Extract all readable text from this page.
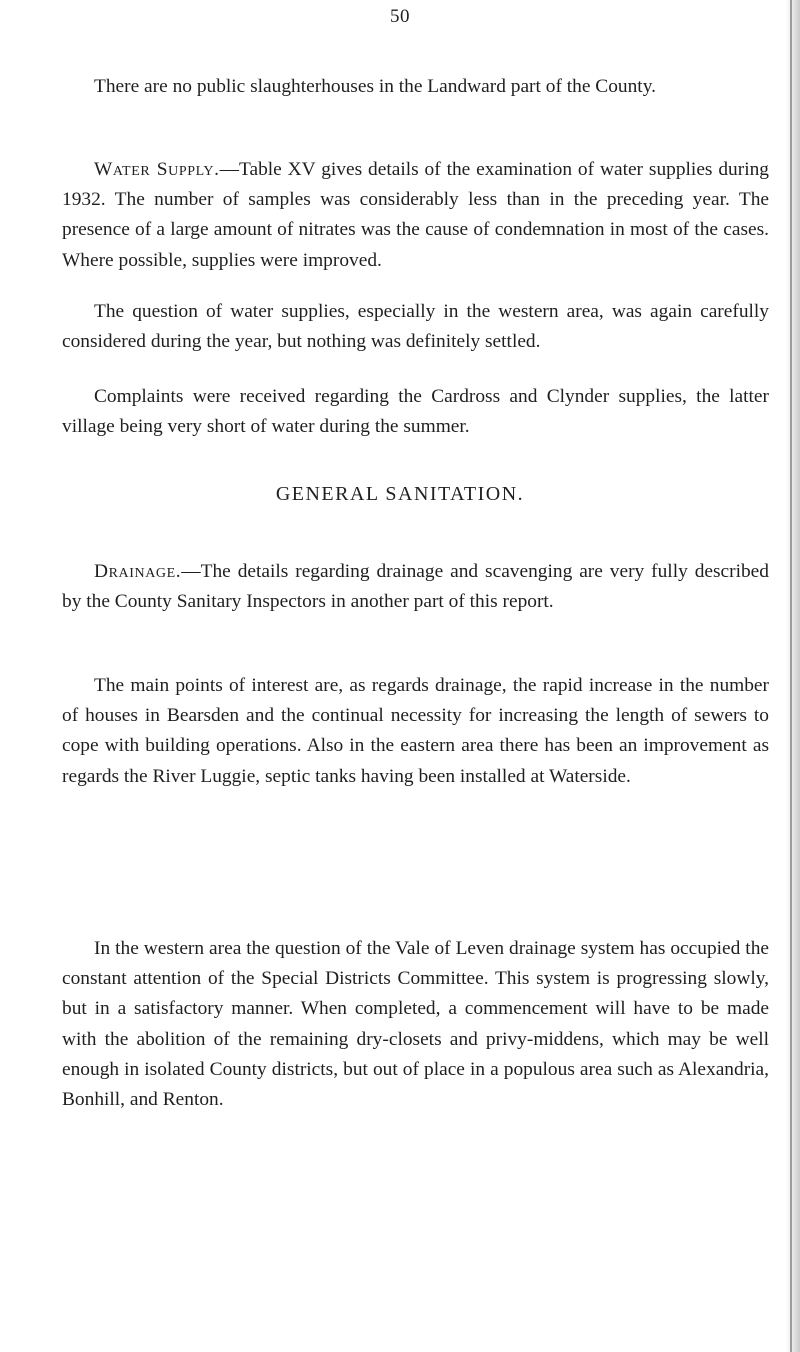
50

There are no public slaughterhouses in the Landward part of the County.

Water Supply.—Table XV gives details of the examination of water supplies during 1932. The number of samples was considerably less than in the preceding year. The presence of a large amount of nitrates was the cause of condemnation in most of the cases. Where possible, supplies were improved.

The question of water supplies, especially in the western area, was again carefully considered during the year, but nothing was definitely settled.

Complaints were received regarding the Cardross and Clynder supplies, the latter village being very short of water during the summer.

GENERAL SANITATION.

Drainage.—The details regarding drainage and scavenging are very fully described by the County Sanitary Inspectors in another part of this report.

The main points of interest are, as regards drainage, the rapid increase in the number of houses in Bearsden and the continual necessity for increasing the length of sewers to cope with building operations. Also in the eastern area there has been an improvement as regards the River Luggie, septic tanks having been installed at Waterside.

In the western area the question of the Vale of Leven drainage system has occupied the constant attention of the Special Districts Committee. This system is progressing slowly, but in a satisfactory manner. When completed, a commencement will have to be made with the abolition of the remaining dry-closets and privy-middens, which may be well enough in isolated County districts, but out of place in a populous area such as Alexandria, Bonhill, and Renton.
